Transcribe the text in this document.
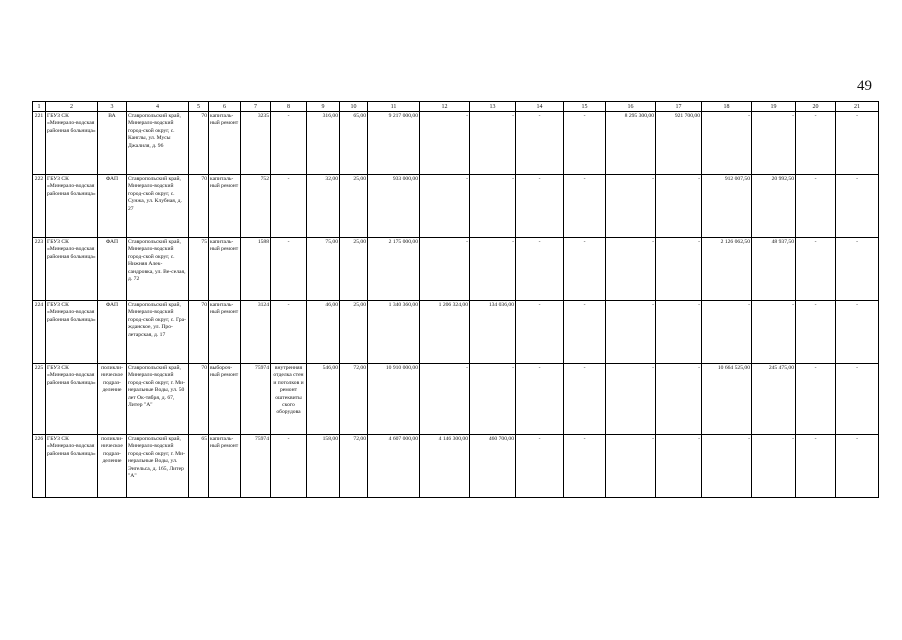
49
1	2	3	4	5	6	7	8	9	10	11	12	13	14	15	16	17	18	19	20	21
221	ГБУЗ СК «Минерало-водская районная больница»	ВА	Ставропольский край, Минерало-водский город-ской округ, с. Канглы, ул. Мусы Джалиля, д. 96	70	капиталь-ный ремонт	3235	-	316,00	65,00	9 217 000,00	-	-	-	-	8 295 300,00	921 700,00	-	-	-	-
222	ГБУЗ СК «Минерало-водская районная больница»	ФАП	Ставропольский край, Минерало-водский город-ской округ, с. Сунжа, ул. Клубная, д. 27	70	капиталь-ный ремонт	752	-	32,00	25,00	933 000,00	-	-	-	-	-	-	912 007,50	20 992,50	-	-
223	ГБУЗ СК «Минерало-водская районная больница»	ФАП	Ставропольский край, Минерало-водский город-ской округ, с. Нижняя Алек-сандровка, ул. Ве-селая, д. 72	75	капиталь-ный ремонт	1588	-	75,00	25,00	2 175 000,00	-	-	-	-	-	-	2 126 062,50	48 937,50	-	-
224	ГБУЗ СК «Минерало-водская районная больница»	ФАП	Ставропольский край, Минерало-водский город-ской округ, с. Гра-жданское, ул. Про-летарская, д. 17	70	капиталь-ный ремонт	3124	-	46,00	25,00	1 340 360,00	1 206 324,00	134 036,00	-	-	-	-	-	-	-	-
225	ГБУЗ СК «Минерало-водская районная больница»	поликли-ническое подраз-деление	Ставропольский край, Минерало-водский город-ской округ, г. Ми-неральные Воды, ул. 50 лет Ок-тября, д. 67, Литер "А"	70	выбороч-ный ремонт	75974	внутренняя отделка стен и потолков и ремонт оштеквиты ского оборудова	546,00	72,00	10 910 000,00	-	-	-	-	-	-	10 664 525,00	245 475,00	-	-
226	ГБУЗ СК «Минерало-водская районная больница»	поликли-ническое подраз-деление	Ставропольский край, Минерало-водский город-ской округ, г. Ми-неральные Воды, ул. Энгельса, д. 165, Литер "А"	65	капиталь-ный ремонт	75974	-	158,00	72,00	4 607 000,00	4 146 300,00	460 700,00	-	-	-	-	-	-	-	-
